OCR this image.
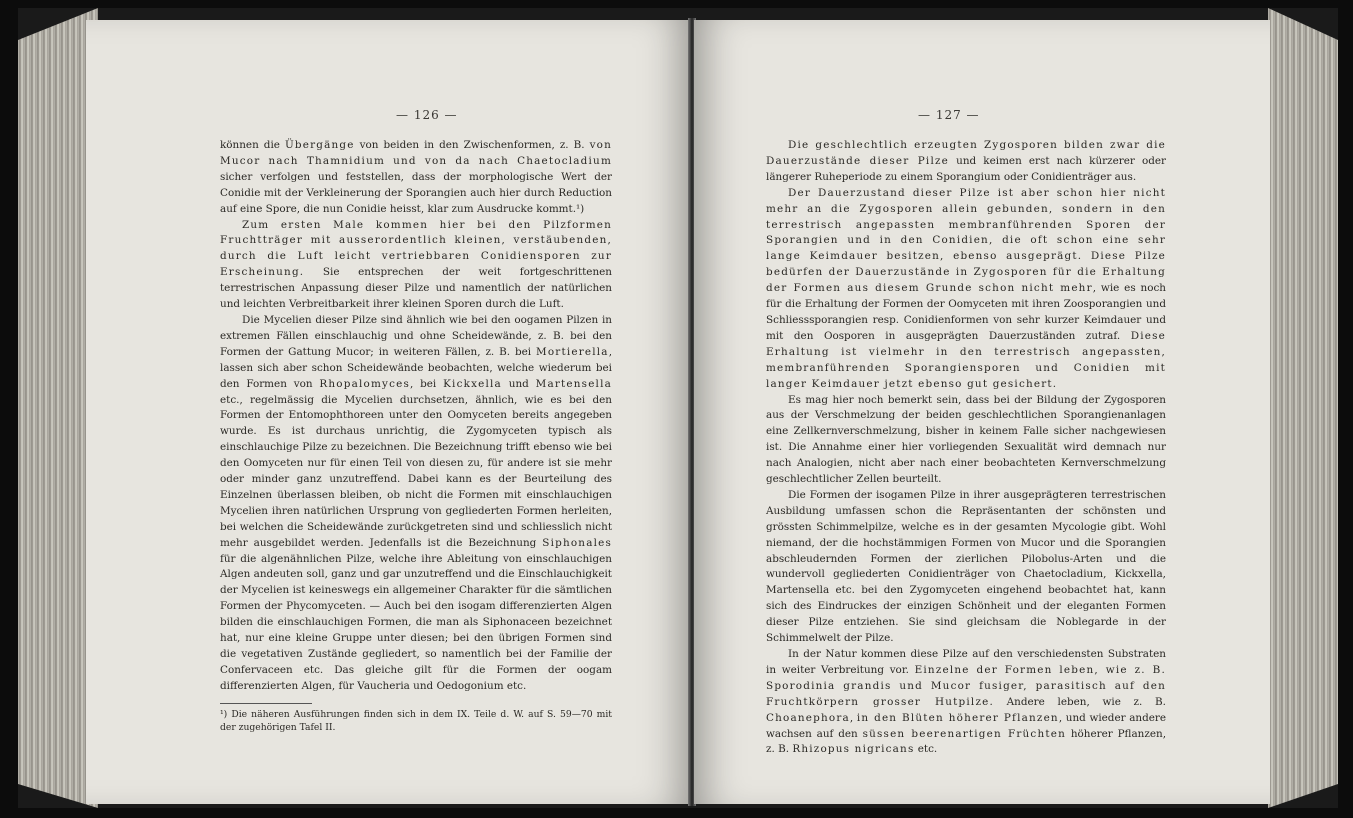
— 126 —

können die Übergänge von beiden in den Zwischenformen, z. B. von Mucor nach Thamnidium und von da nach Chaetocladium sicher verfolgen und feststellen, dass der morphologische Wert der Conidie mit der Verkleinerung der Sporangien auch hier durch Reduction auf eine Spore, die nun Conidie heisst, klar zum Ausdrucke kommt.¹)

Zum ersten Male kommen hier bei den Pilzformen Fruchtträger mit ausserordentlich kleinen, verstäubenden, durch die Luft leicht vertriebbaren Conidiensporen zur Erscheinung. Sie entsprechen der weit fortgeschrittenen terrestrischen Anpassung dieser Pilze und namentlich der natürlichen und leichten Verbreitbarkeit ihrer kleinen Sporen durch die Luft.

Die Mycelien dieser Pilze sind ähnlich wie bei den oogamen Pilzen in extremen Fällen einschlauchig und ohne Scheidewände, z. B. bei den Formen der Gattung Mucor; in weiteren Fällen, z. B. bei Mortierella, lassen sich aber schon Scheidewände beobachten, welche wiederum bei den Formen von Rhopalomyces, bei Kickxella und Martensella etc., regelmässig die Mycelien durchsetzen, ähnlich, wie es bei den Formen der Entomophthoreen unter den Oomyceten bereits angegeben wurde. Es ist durchaus unrichtig, die Zygomyceten typisch als einschlauchige Pilze zu bezeichnen. Die Bezeichnung trifft ebenso wie bei den Oomyceten nur für einen Teil von diesen zu, für andere ist sie mehr oder minder ganz unzutreffend. Dabei kann es der Beurteilung des Einzelnen überlassen bleiben, ob nicht die Formen mit einschlauchigen Mycelien ihren natürlichen Ursprung von gegliederten Formen herleiten, bei welchen die Scheidewände zurückgetreten sind und schliesslich nicht mehr ausgebildet werden. Jedenfalls ist die Bezeichnung Siphonales für die algenähnlichen Pilze, welche ihre Ableitung von einschlauchigen Algen andeuten soll, ganz und gar unzutreffend und die Einschlauchigkeit der Mycelien ist keineswegs ein allgemeiner Charakter für die sämtlichen Formen der Phycomyceten. — Auch bei den isogam differenzierten Algen bilden die einschlauchigen Formen, die man als Siphonaceen bezeichnet hat, nur eine kleine Gruppe unter diesen; bei den übrigen Formen sind die vegetativen Zustände gegliedert, so namentlich bei der Familie der Confervaceen etc. Das gleiche gilt für die Formen der oogam differenzierten Algen, für Vaucheria und Oedogonium etc.

¹) Die näheren Ausführungen finden sich in dem IX. Teile d. W. auf S. 59—70 mit der zugehörigen Tafel II.

— 127 —

Die geschlechtlich erzeugten Zygosporen bilden zwar die Dauerzustände dieser Pilze und keimen erst nach kürzerer oder längerer Ruheperiode zu einem Sporangium oder Conidienträger aus.

Der Dauerzustand dieser Pilze ist aber schon hier nicht mehr an die Zygosporen allein gebunden, sondern in den terrestrisch angepassten membranführenden Sporen der Sporangien und in den Conidien, die oft schon eine sehr lange Keimdauer besitzen, ebenso ausgeprägt. Diese Pilze bedürfen der Dauerzustände in Zygosporen für die Erhaltung der Formen aus diesem Grunde schon nicht mehr, wie es noch für die Erhaltung der Formen der Oomyceten mit ihren Zoosporangien und Schliesssporangien resp. Conidienformen von sehr kurzer Keimdauer und mit den Oosporen in ausgeprägten Dauerzuständen zutraf. Diese Erhaltung ist vielmehr in den terrestrisch angepassten, membranführenden Sporangiensporen und Conidien mit langer Keimdauer jetzt ebenso gut gesichert.

Es mag hier noch bemerkt sein, dass bei der Bildung der Zygosporen aus der Verschmelzung der beiden geschlechtlichen Sporangienanlagen eine Zellkernverschmelzung, bisher in keinem Falle sicher nachgewiesen ist. Die Annahme einer hier vorliegenden Sexualität wird demnach nur nach Analogien, nicht aber nach einer beobachteten Kernverschmelzung geschlechtlicher Zellen beurteilt.

Die Formen der isogamen Pilze in ihrer ausgeprägteren terrestrischen Ausbildung umfassen schon die Repräsentanten der schönsten und grössten Schimmelpilze, welche es in der gesamten Mycologie gibt. Wohl niemand, der die hochstämmigen Formen von Mucor und die Sporangien abschleudernden Formen der zierlichen Pilobolus-Arten und die wundervoll gegliederten Conidienträger von Chaetocladium, Kickxella, Martensella etc. bei den Zygomyceten eingehend beobachtet hat, kann sich des Eindruckes der einzigen Schönheit und der eleganten Formen dieser Pilze entziehen. Sie sind gleichsam die Noblegarde in der Schimmelwelt der Pilze.

In der Natur kommen diese Pilze auf den verschiedensten Substraten in weiter Verbreitung vor. Einzelne der Formen leben, wie z. B. Sporodinia grandis und Mucor fusiger, parasitisch auf den Fruchtkörpern grosser Hutpilze. Andere leben, wie z. B. Choanephora, in den Blüten höherer Pflanzen, und wieder andere wachsen auf den süssen beerenartigen Früchten höherer Pflanzen, z. B. Rhizopus nigricans etc.
